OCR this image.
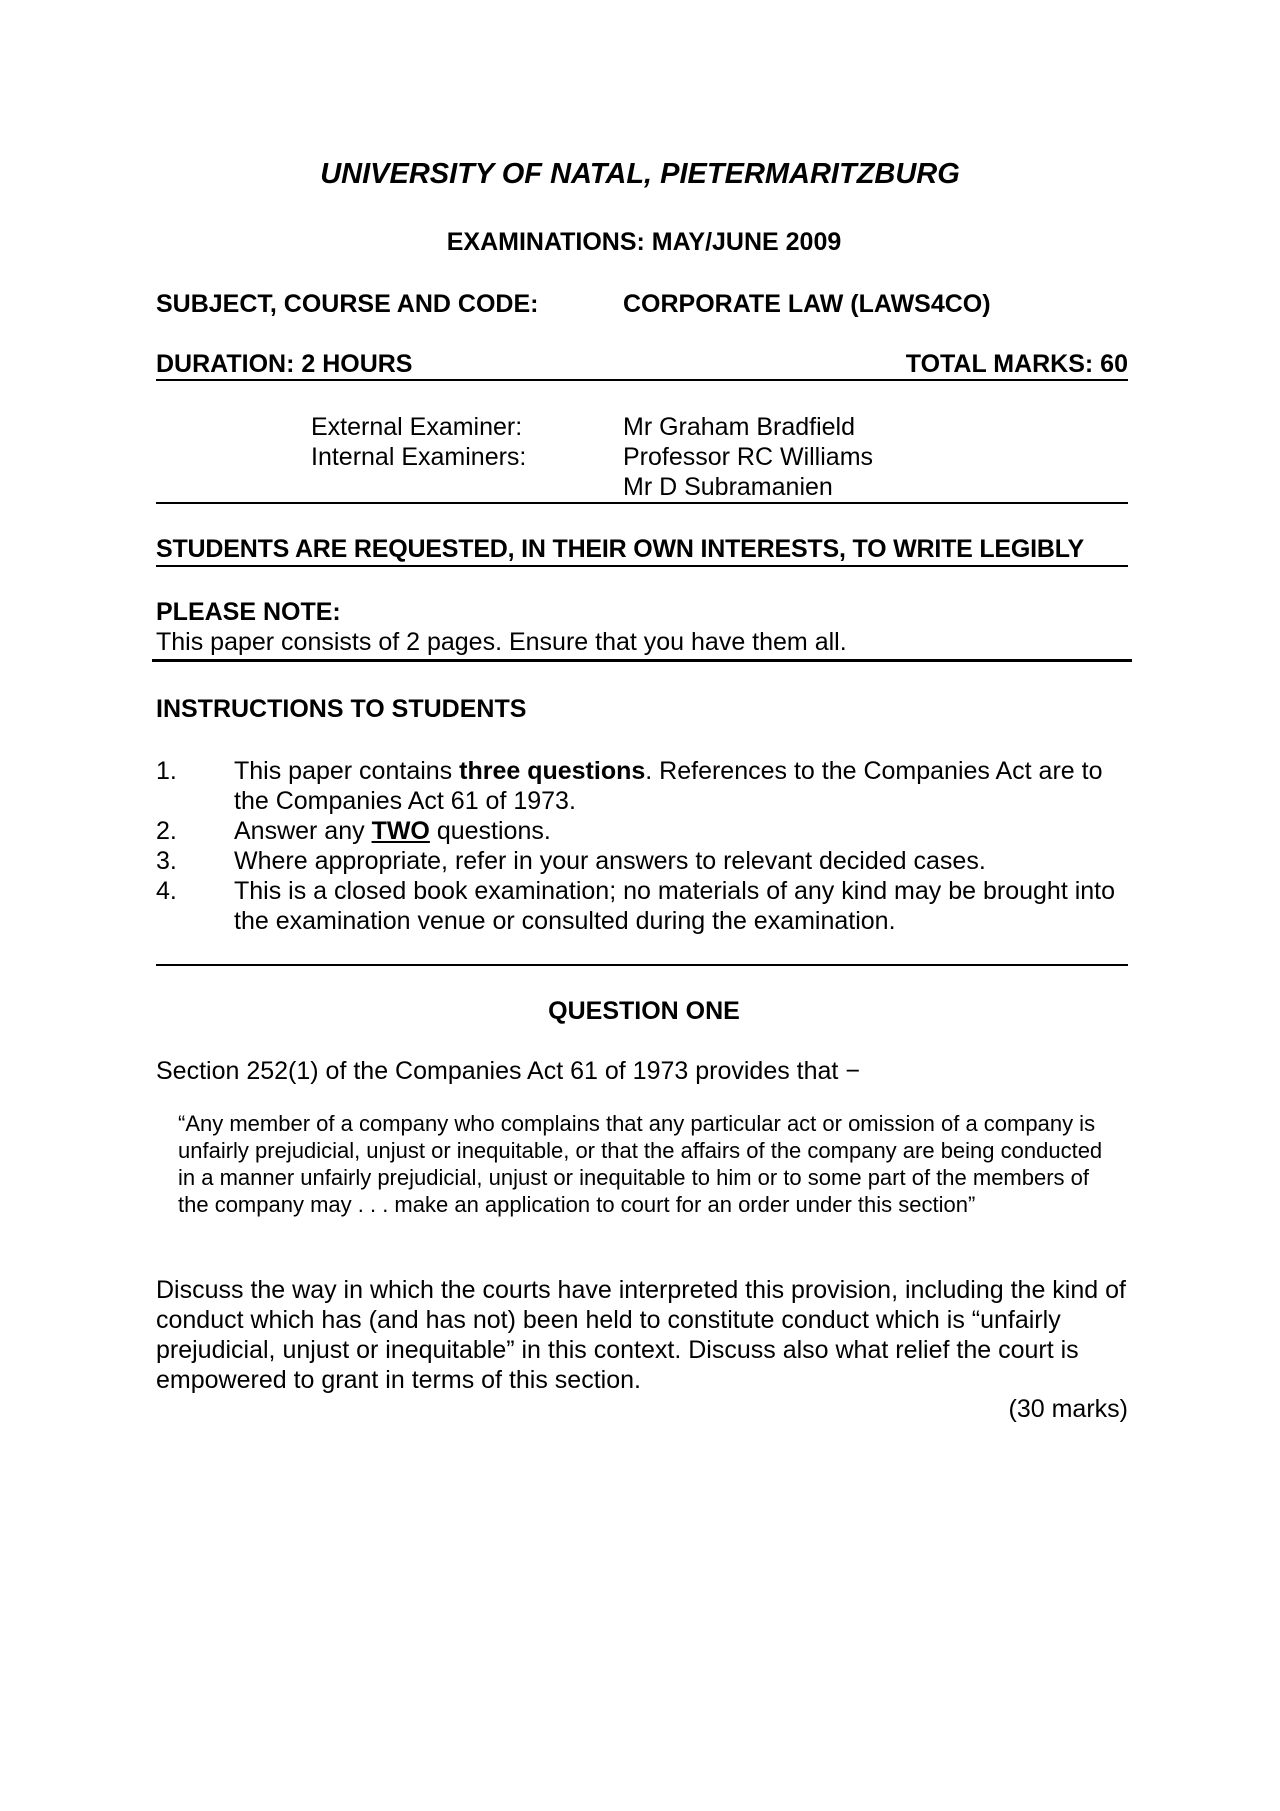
UNIVERSITY OF NATAL, PIETERMARITZBURG
EXAMINATIONS: MAY/JUNE 2009
SUBJECT, COURSE AND CODE:	CORPORATE LAW (LAWS4CO)
DURATION: 2 HOURS	TOTAL MARKS: 60
External Examiner:	Mr Graham Bradfield
Internal Examiners:	Professor RC Williams
Mr D Subramanien
STUDENTS ARE REQUESTED, IN THEIR OWN INTERESTS, TO WRITE LEGIBLY
PLEASE NOTE:
This paper consists of 2 pages. Ensure that you have them all.
INSTRUCTIONS TO STUDENTS
1. This paper contains three questions. References to the Companies Act are to the Companies Act 61 of 1973.
2. Answer any TWO questions.
3. Where appropriate, refer in your answers to relevant decided cases.
4. This is a closed book examination; no materials of any kind may be brought into the examination venue or consulted during the examination.
QUESTION ONE
Section 252(1) of the Companies Act 61 of 1973 provides that −
“Any member of a company who complains that any particular act or omission of a company is unfairly prejudicial, unjust or inequitable, or that the affairs of the company are being conducted in a manner unfairly prejudicial, unjust or inequitable to him or to some part of the members of the company may . . . make an application to court for an order under this section”
Discuss the way in which the courts have interpreted this provision, including the kind of conduct which has (and has not) been held to constitute conduct which is “unfairly prejudicial, unjust or inequitable” in this context. Discuss also what relief the court is empowered to grant in terms of this section.
(30 marks)
